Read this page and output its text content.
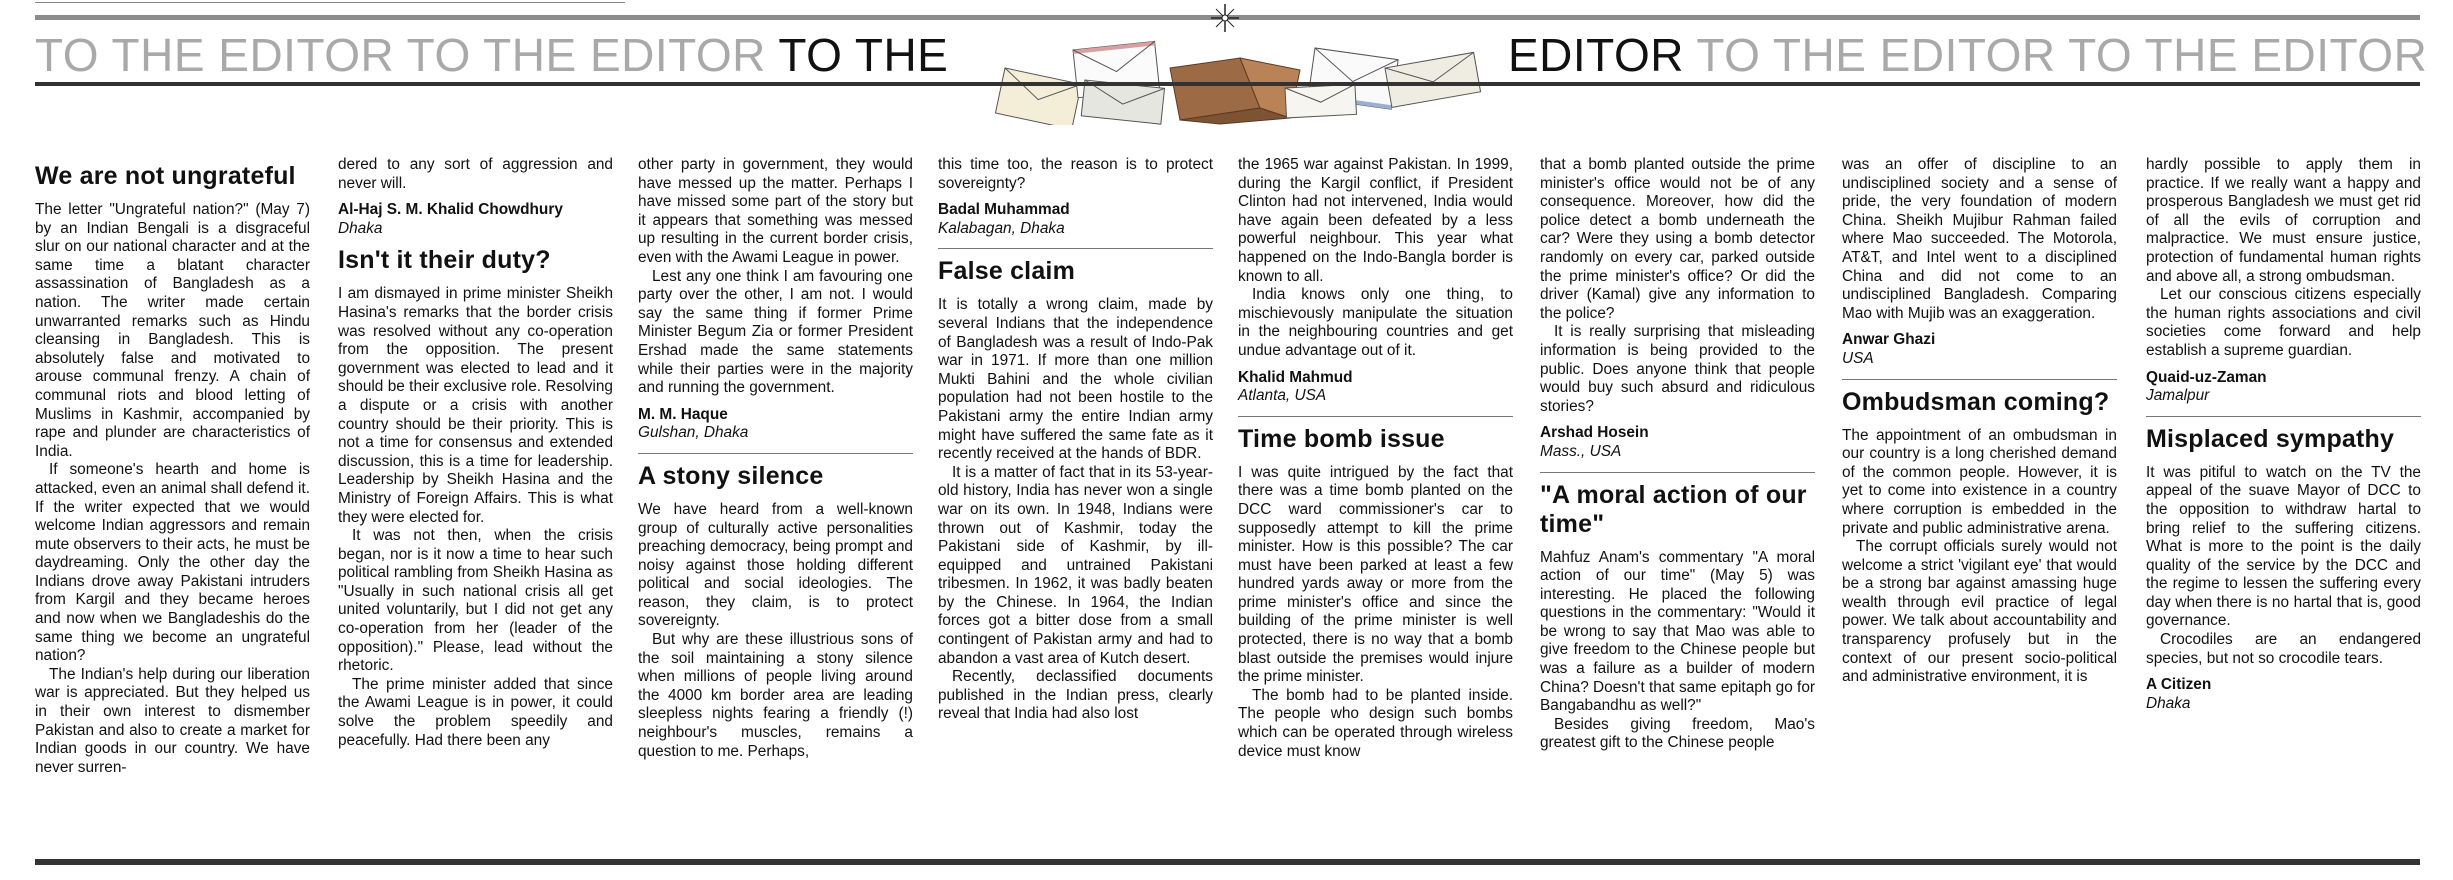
TO THE EDITOR TO THE EDITOR TO THE	EDITOR TO THE EDITOR TO THE EDITOR
We are not ungrateful

The letter "Ungrateful nation?" (May 7) by an Indian Bengali is a disgraceful slur on our national character and at the same time a blatant character assassination of Bangladesh as a nation. The writer made certain unwarranted remarks such as Hindu cleansing in Bangladesh. This is absolutely false and motivated to arouse communal frenzy. A chain of communal riots and blood letting of Muslims in Kashmir, accompanied by rape and plunder are characteristics of India.

If someone's hearth and home is attacked, even an animal shall defend it. If the writer expected that we would welcome Indian aggressors and remain mute observers to their acts, he must be daydreaming. Only the other day the Indians drove away Pakistani intruders from Kargil and they became heroes and now when we Bangladeshis do the same thing we become an ungrateful nation?

The Indian's help during our liberation war is appreciated. But they helped us in their own interest to dismember Pakistan and also to create a market for Indian goods in our country. We have never surren-

dered to any sort of aggression and never will.

Al-Haj S. M. Khalid Chowdhury
Dhaka
Isn't it their duty?

I am dismayed in prime minister Sheikh Hasina's remarks that the border crisis was resolved without any co-operation from the opposition. The present government was elected to lead and it should be their exclusive role. Resolving a dispute or a crisis with another country should be their priority. This is not a time for consensus and extended discussion, this is a time for leadership. Leadership by Sheikh Hasina and the Ministry of Foreign Affairs. This is what they were elected for.

It was not then, when the crisis began, nor is it now a time to hear such political rambling from Sheikh Hasina as "Usually in such national crisis all get united voluntarily, but I did not get any co-operation from her (leader of the opposition)." Please, lead without the rhetoric.

The prime minister added that since the Awami League is in power, it could solve the problem speedily and peacefully. Had there been any

other party in government, they would have messed up the matter. Perhaps I have missed some part of the story but it appears that something was messed up resulting in the current border crisis, even with the Awami League in power.

Lest any one think I am favouring one party over the other, I am not. I would say the same thing if former Prime Minister Begum Zia or former President Ershad made the same statements while their parties were in the majority and running the government.

M. M. Haque
Gulshan, Dhaka
A stony silence

We have heard from a well-known group of culturally active personalities preaching democracy, being prompt and noisy against those holding different political and social ideologies. The reason, they claim, is to protect sovereignty.

But why are these illustrious sons of the soil maintaining a stony silence when millions of people living around the 4000 km border area are leading sleepless nights fearing a friendly (!) neighbour's muscles, remains a question to me. Perhaps,

this time too, the reason is to protect sovereignty?

Badal Muhammad
Kalabagan, Dhaka
False claim

It is totally a wrong claim, made by several Indians that the independence of Bangladesh was a result of Indo-Pak war in 1971. If more than one million Mukti Bahini and the whole civilian population had not been hostile to the Pakistani army the entire Indian army might have suffered the same fate as it recently received at the hands of BDR.

It is a matter of fact that in its 53-year-old history, India has never won a single war on its own. In 1948, Indians were thrown out of Kashmir, today the Pakistani side of Kashmir, by ill-equipped and untrained Pakistani tribesmen. In 1962, it was badly beaten by the Chinese. In 1964, the Indian forces got a bitter dose from a small contingent of Pakistan army and had to abandon a vast area of Kutch desert.

Recently, declassified documents published in the Indian press, clearly reveal that India had also lost

the 1965 war against Pakistan. In 1999, during the Kargil conflict, if President Clinton had not intervened, India would have again been defeated by a less powerful neighbour. This year what happened on the Indo-Bangla border is known to all.

India knows only one thing, to mischievously manipulate the situation in the neighbouring countries and get undue advantage out of it.

Khalid Mahmud
Atlanta, USA
Time bomb issue

I was quite intrigued by the fact that there was a time bomb planted on the DCC ward commissioner's car to supposedly attempt to kill the prime minister. How is this possible? The car must have been parked at least a few hundred yards away or more from the prime minister's office and since the building of the prime minister is well protected, there is no way that a bomb blast outside the premises would injure the prime minister.

The bomb had to be planted inside. The people who design such bombs which can be operated through wireless device must know

that a bomb planted outside the prime minister's office would not be of any consequence. Moreover, how did the police detect a bomb underneath the car? Were they using a bomb detector randomly on every car, parked outside the prime minister's office? Or did the driver (Kamal) give any information to the police?

It is really surprising that misleading information is being provided to the public. Does anyone think that people would buy such absurd and ridiculous stories?

Arshad Hosein
Mass., USA
"A moral action of our time"

Mahfuz Anam's commentary "A moral action of our time" (May 5) was interesting. He placed the following questions in the commentary: "Would it be wrong to say that Mao was able to give freedom to the Chinese people but was a failure as a builder of modern China? Doesn't that same epitaph go for Bangabandhu as well?"

Besides giving freedom, Mao's greatest gift to the Chinese people

was an offer of discipline to an undisciplined society and a sense of pride, the very foundation of modern China. Sheikh Mujibur Rahman failed where Mao succeeded. The Motorola, AT&T, and Intel went to a disciplined China and did not come to an undisciplined Bangladesh. Comparing Mao with Mujib was an exaggeration.

Anwar Ghazi
USA
Ombudsman coming?

The appointment of an ombudsman in our country is a long cherished demand of the common people. However, it is yet to come into existence in a country where corruption is embedded in the private and public administrative arena.

The corrupt officials surely would not welcome a strict 'vigilant eye' that would be a strong bar against amassing huge wealth through evil practice of legal power. We talk about accountability and transparency profusely but in the context of our present socio-political and administrative environment, it is

hardly possible to apply them in practice. If we really want a happy and prosperous Bangladesh we must get rid of all the evils of corruption and malpractice. We must ensure justice, protection of fundamental human rights and above all, a strong ombudsman.

Let our conscious citizens especially the human rights associations and civil societies come forward and help establish a supreme guardian.

Quaid-uz-Zaman
Jamalpur
Misplaced sympathy

It was pitiful to watch on the TV the appeal of the suave Mayor of DCC to the opposition to withdraw hartal to bring relief to the suffering citizens. What is more to the point is the daily quality of the service by the DCC and the regime to lessen the suffering every day when there is no hartal that is, good governance.

Crocodiles are an endangered species, but not so crocodile tears.

A Citizen
Dhaka
